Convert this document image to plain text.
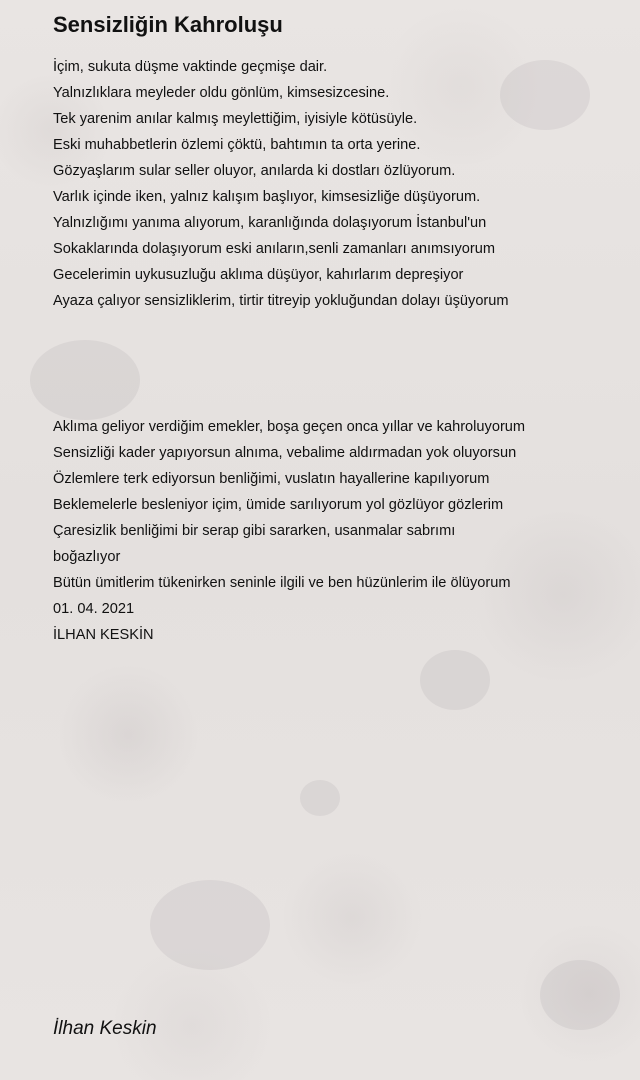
Sensizliğin Kahroluşu
İçim, sukuta düşme vaktinde geçmişe dair.
Yalnızlıklara meyleder oldu gönlüm, kimsesizcesine.
Tek yarenim anılar kalmış meylettiğim, iyisiyle kötüsüyle.
Eski muhabbetlerin özlemi çöktü, bahtımın ta orta yerine.
Gözyaşlarım sular seller oluyor, anılarda ki dostları özlüyorum.
Varlık içinde iken, yalnız kalışım başlıyor, kimsesizliğe düşüyorum.
Yalnızlığımı yanıma alıyorum, karanlığında dolaşıyorum İstanbul'un
Sokaklarında dolaşıyorum eski anıların,senli zamanları anımsıyorum
Gecelerimin uykusuzluğu aklıma düşüyor, kahırlarım depreşiyor
Ayaza çalıyor sensizliklerim, tirtir titreyip yokluğundan dolayı üşüyorum
Aklıma geliyor verdiğim emekler, boşa geçen onca yıllar ve kahroluyorum
Sensizliği kader yapıyorsun alnıma, vebalime aldırmadan yok oluyorsun
Özlemlere terk ediyorsun benliğimi, vuslatın hayallerine kapılıyorum
Beklemelerle besleniyor içim, ümide sarılıyorum yol gözlüyor gözlerim
Çaresizlik benliğimi bir serap gibi sararken, usanmalar sabrımı
boğazlıyor
Bütün ümitlerim tükenirken seninle ilgili ve ben hüzünlerim ile ölüyorum
01. 04. 2021
İLHAN KESKİN
İlhan Keskin
